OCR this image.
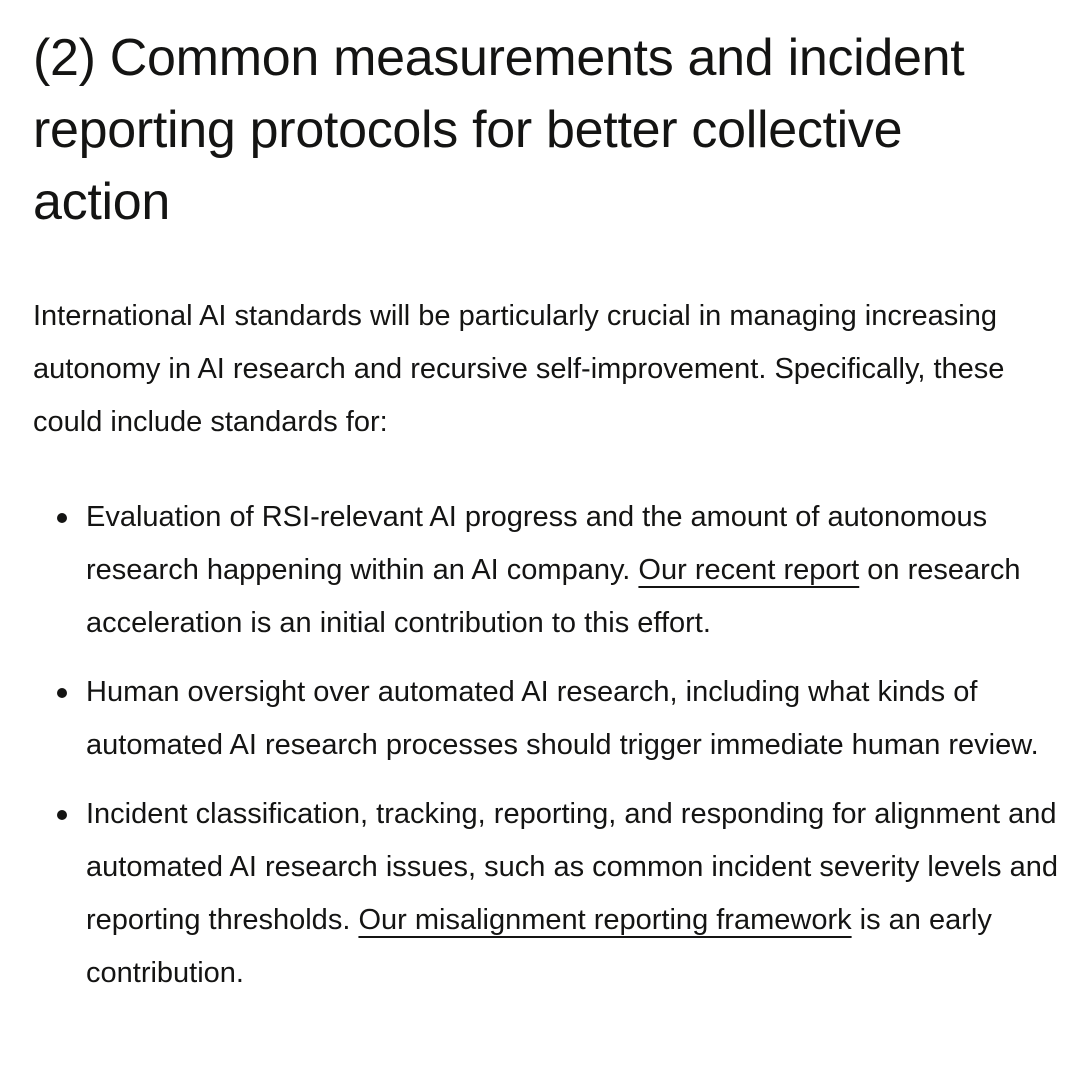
(2) Common measurements and incident reporting protocols for better collective action

International AI standards will be particularly crucial in managing increasing autonomy in AI research and recursive self-improvement. Specifically, these could include standards for:

Evaluation of RSI-relevant AI progress and the amount of autonomous research happening within an AI company. Our recent report on research acceleration is an initial contribution to this effort.
Human oversight over automated AI research, including what kinds of automated AI research processes should trigger immediate human review.
Incident classification, tracking, reporting, and responding for alignment and automated AI research issues, such as common incident severity levels and reporting thresholds. Our misalignment reporting framework is an early contribution.
